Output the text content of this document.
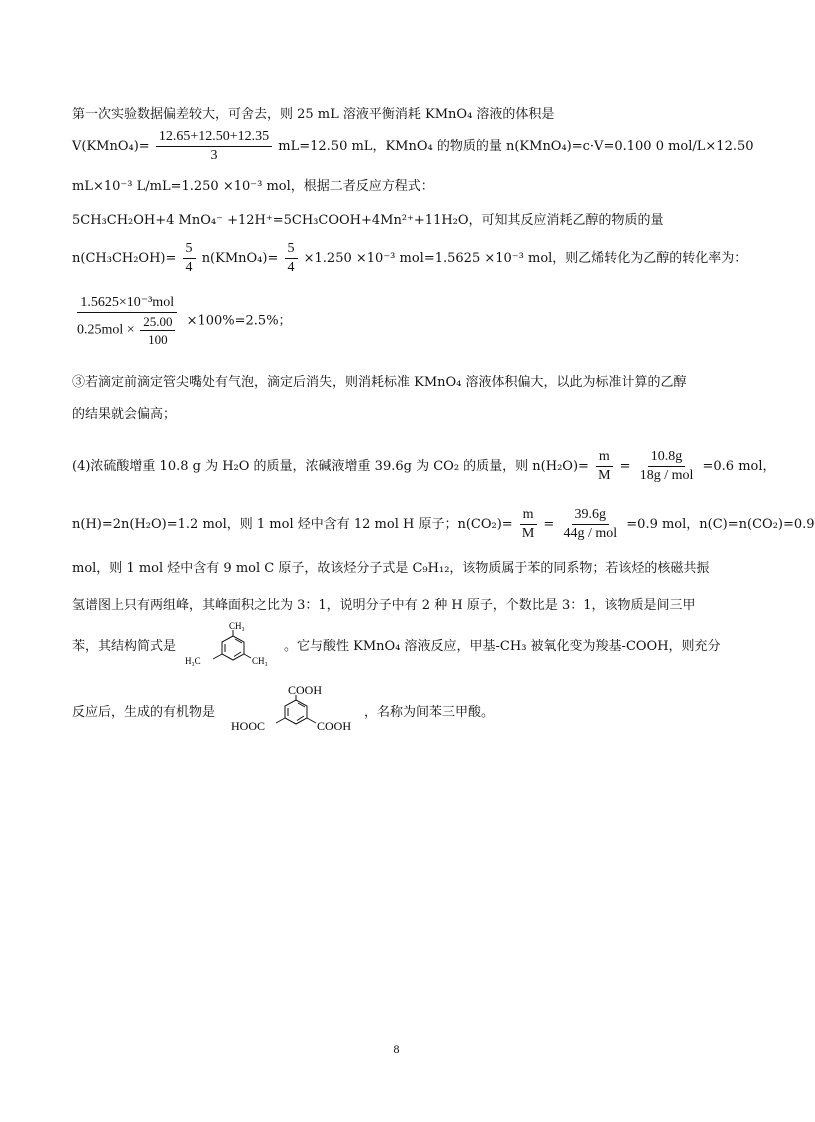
第一次实验数据偏差较大，可舍去，则 25 mL 溶液平衡消耗 KMnO₄ 溶液的体积是
V(KMnO₄)= $\frac{12.65+12.50+12.35}{3} mL=12.50$ mL，KMnO₄ 的物质的量 n(KMnO₄)=c·V=0.100 0 mol/L×12.50
mL×10⁻³ L/mL=1.250 ×10⁻³ mol，根据二者反应方程式：
5CH₃CH₂OH+4 MnO₄⁻ +12H⁺=5CH₃COOH+4Mn²⁺+11H₂O，可知其反应消耗乙醇的物质的量
$n(CH_3CH_2OH)= \frac{5}{4}$ n(KMnO₄)= $\frac{5}{4} \times 1.250 \times 10^{-3}$ mol=1.5625 ×10⁻³ mol，则乙烯转化为乙醇的转化率为：
$\frac{\text{1.5625×10⁻³mol}}{0.25mol \times \frac{25.00}{100}} \times 100\%=2.5\%$；
③若滴定前滴定管尖嘴处有气泡，滴定后消失，则消耗标准 KMnO₄ 溶液体积偏大，以此为标准计算的乙醇
的结果就会偏高；
(4)浓硫酸增重 10.8 g 为 H₂O 的质量，浓碱液增重 39.6g 为 CO₂ 的质量，则 $n(H_2O)= \frac{m}{M} = \frac{10.8g}{\text{18g / mol}} =0.6$ mol，
n(H)=2n(H₂O)=1.2 mol，则 1 mol 烃中含有 12 mol H 原子；$n(CO_2)= \frac{m}{M} = \frac{39.6g}{\text{44g / mol}} =0.9$ mol，n(C)=n(CO₂)=0.9
mol，则 1 mol 烃中含有 9 mol C 原子，故该烃分子式是 C₉H₁₂，该物质属于苯的同系物；若该烃的核磁共振
氢谱图上只有两组峰，其峰面积之比为 3：1，说明分子中有 2 种 H 原子，个数比是 3：1，该物质是间三甲
苯，其结构简式是
CH₃
H₃C	CH₃
。它与酸性 KMnO₄ 溶液反应，甲基-CH₃ 被氧化变为羧基-COOH，则充分
反应后，生成的有机物是
COOH
HOOC	COOH
，名称为间苯三甲酸。
8
